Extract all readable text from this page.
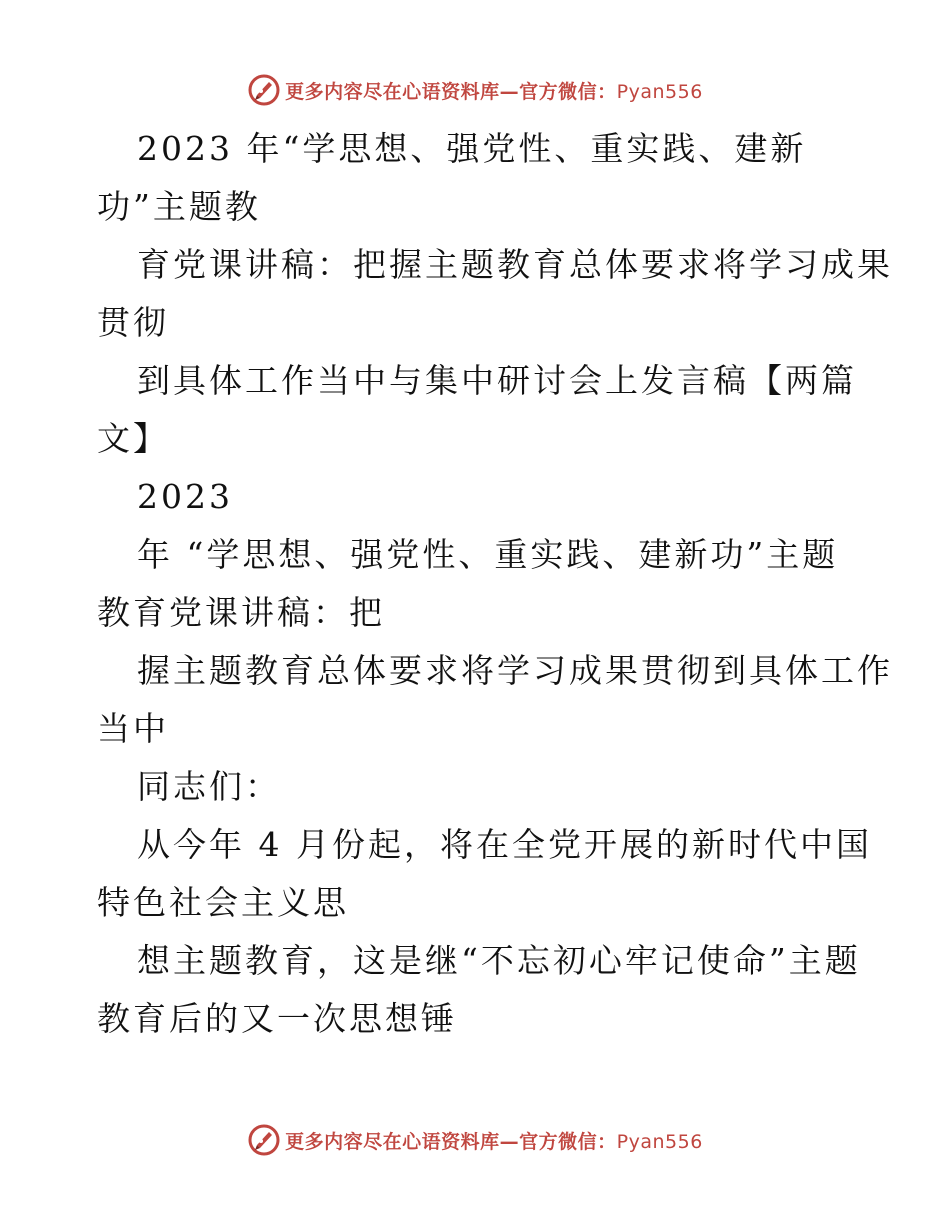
更多内容尽在心语资料库—官方微信：Pyan556

2023 年“学思想、强党性、重实践、建新

功”主题教

育党课讲稿：把握主题教育总体要求将学习成果

贯彻

到具体工作当中与集中研讨会上发言稿【两篇

文】

2023

年 “学思想、强党性、重实践、建新功”主题

教育党课讲稿：把

握主题教育总体要求将学习成果贯彻到具体工作

当中

同志们：

从今年 4 月份起，将在全党开展的新时代中国

特色社会主义思

想主题教育，这是继“不忘初心牢记使命”主题

教育后的又一次思想锤

更多内容尽在心语资料库—官方微信：Pyan556
